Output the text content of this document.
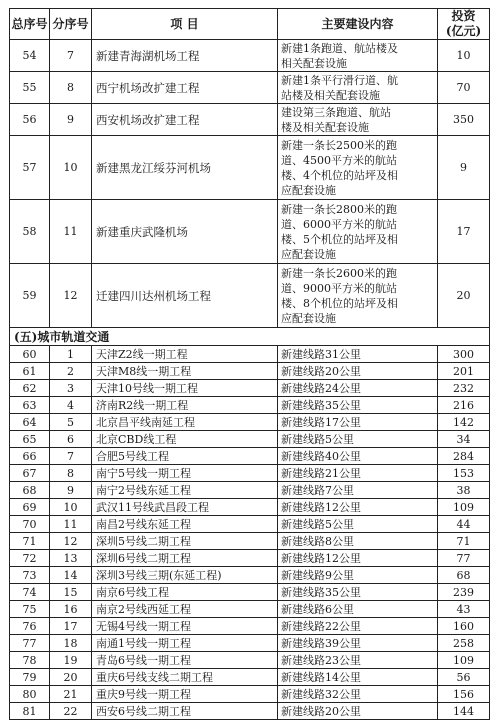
总序号	分序号	项 目	主要建设内容	投资
(亿元)

54	7	新建青海湖机场工程	新建1条跑道、航站楼及
相关配套设施	10
55	8	西宁机场改扩建工程	新建1条平行滑行道、航
站楼及相关配套设施	70
56	9	西安机场改扩建工程	建设第三条跑道、航站
楼及相关配套设施	350
57	10	新建黑龙江绥芬河机场	新建一条长2500米的跑
道、4500平方米的航站
楼、4个机位的站坪及相
应配套设施	9
58	11	新建重庆武隆机场	新建一条长2800米的跑
道、6000平方米的航站
楼、5个机位的站坪及相
应配套设施	17
59	12	迁建四川达州机场工程	新建一条长2600米的跑
道、9000平方米的航站
楼、8个机位的站坪及相
应配套设施	20
(五)城市轨道交通				
60	1	天津Z2线一期工程	新建线路31公里	300
61	2	天津M8线一期工程	新建线路20公里	201
62	3	天津10号线一期工程	新建线路24公里	232
63	4	济南R2线一期工程	新建线路35公里	216
64	5	北京昌平线南延工程	新建线路17公里	142
65	6	北京CBD线工程	新建线路5公里	34
66	7	合肥5号线工程	新建线路40公里	284
67	8	南宁5号线一期工程	新建线路21公里	153
68	9	南宁2号线东延工程	新建线路7公里	38
69	10	武汉11号线武昌段工程	新建线路12公里	109
70	11	南昌2号线东延工程	新建线路5公里	44
71	12	深圳5号线二期工程	新建线路8公里	71
72	13	深圳6号线二期工程	新建线路12公里	77
73	14	深圳3号线三期(东延工程)	新建线路9公里	68
74	15	南京6号线工程	新建线路35公里	239
75	16	南京2号线西延工程	新建线路6公里	43
76	17	无锡4号线一期工程	新建线路22公里	160
77	18	南通1号线一期工程	新建线路39公里	258
78	19	青岛6号线一期工程	新建线路23公里	109
79	20	重庆6号线支线二期工程	新建线路14公里	56
80	21	重庆9号线一期工程	新建线路32公里	156
81	22	西安6号线二期工程	新建线路20公里	144
